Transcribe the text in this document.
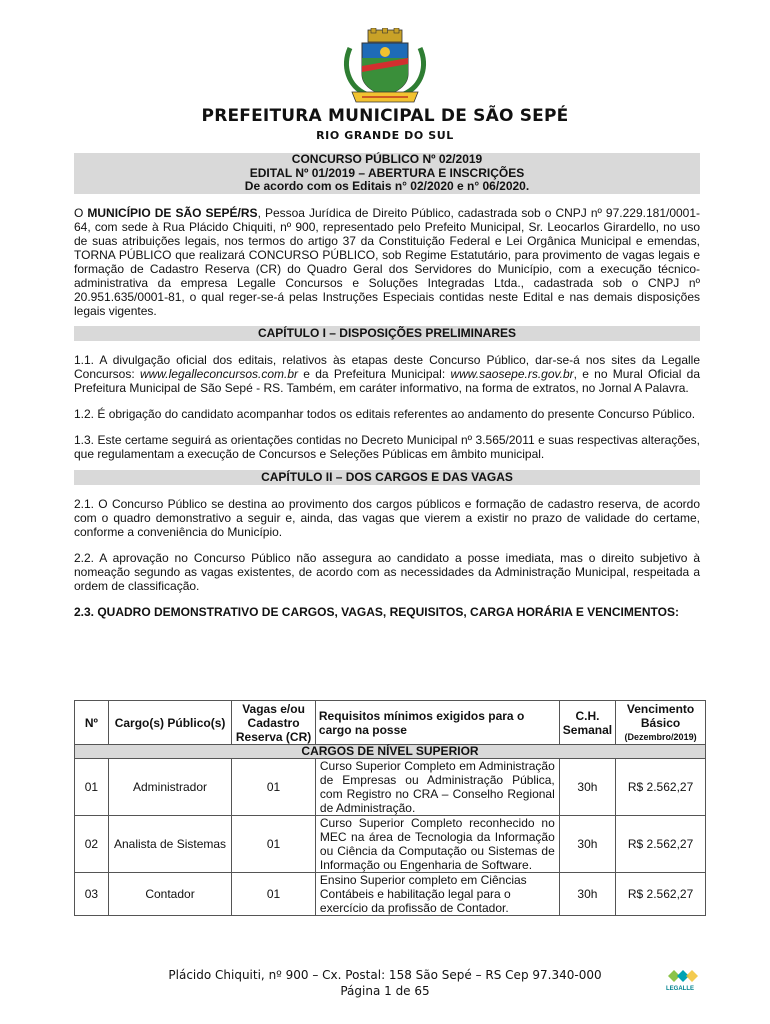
PREFEITURA MUNICIPAL DE SÃO SEPÉ
RIO GRANDE DO SUL
CONCURSO PÚBLICO Nº 02/2019
EDITAL Nº 01/2019 – ABERTURA E INSCRIÇÕES
De acordo com os Editais n° 02/2020 e n° 06/2020.

O MUNICÍPIO DE SÃO SEPÉ/RS, Pessoa Jurídica de Direito Público, cadastrada sob o CNPJ nº 97.229.181/0001-64, com sede à Rua Plácido Chiquiti, nº 900, representado pelo Prefeito Municipal, Sr. Leocarlos Girardello, no uso de suas atribuições legais, nos termos do artigo 37 da Constituição Federal e Lei Orgânica Municipal e emendas, TORNA PÚBLICO que realizará CONCURSO PÚBLICO, sob Regime Estatutário, para provimento de vagas legais e formação de Cadastro Reserva (CR) do Quadro Geral dos Servidores do Município, com a execução técnico-administrativa da empresa Legalle Concursos e Soluções Integradas Ltda., cadastrada sob o CNPJ nº 20.951.635/0001-81, o qual reger-se-á pelas Instruções Especiais contidas neste Edital e nas demais disposições legais vigentes.

CAPÍTULO I – DISPOSIÇÕES PRELIMINARES

1.1. A divulgação oficial dos editais, relativos às etapas deste Concurso Público, dar-se-á nos sites da Legalle Concursos: www.legalleconcursos.com.br e da Prefeitura Municipal: www.saosepe.rs.gov.br, e no Mural Oficial da Prefeitura Municipal de São Sepé - RS. Também, em caráter informativo, na forma de extratos, no Jornal A Palavra.

1.2. É obrigação do candidato acompanhar todos os editais referentes ao andamento do presente Concurso Público.

1.3. Este certame seguirá as orientações contidas no Decreto Municipal nº 3.565/2011 e suas respectivas alterações, que regulamentam a execução de Concursos e Seleções Públicas em âmbito municipal.

CAPÍTULO II – DOS CARGOS E DAS VAGAS

2.1. O Concurso Público se destina ao provimento dos cargos públicos e formação de cadastro reserva, de acordo com o quadro demonstrativo a seguir e, ainda, das vagas que vierem a existir no prazo de validade do certame, conforme a conveniência do Município.

2.2. A aprovação no Concurso Público não assegura ao candidato a posse imediata, mas o direito subjetivo à nomeação segundo as vagas existentes, de acordo com as necessidades da Administração Municipal, respeitada a ordem de classificação.

2.3. QUADRO DEMONSTRATIVO DE CARGOS, VAGAS, REQUISITOS, CARGA HORÁRIA E VENCIMENTOS:

Nº	Cargo(s) Público(s)	Vagas e/ou Cadastro Reserva (CR)	Requisitos mínimos exigidos para o cargo na posse	C.H. Semanal	Vencimento Básico
(Dezembro/2019)

CARGOS DE NÍVEL SUPERIOR					
01	Administrador	01	Curso Superior Completo em Administração de Empresas ou Administração Pública, com Registro no CRA – Conselho Regional de Administração.	30h	R$ 2.562,27
02	Analista de Sistemas	01	Curso Superior Completo reconhecido no MEC na área de Tecnologia da Informação ou Ciência da Computação ou Sistemas de Informação ou Engenharia de Software.	30h	R$ 2.562,27
03	Contador	01	Ensino Superior completo em Ciências Contábeis e habilitação legal para o exercício da profissão de Contador.	30h	R$ 2.562,27
Plácido Chiquiti, nº 900 – Cx. Postal: 158 São Sepé – RS Cep 97.340-000
Página 1 de 65	LEGALLE
